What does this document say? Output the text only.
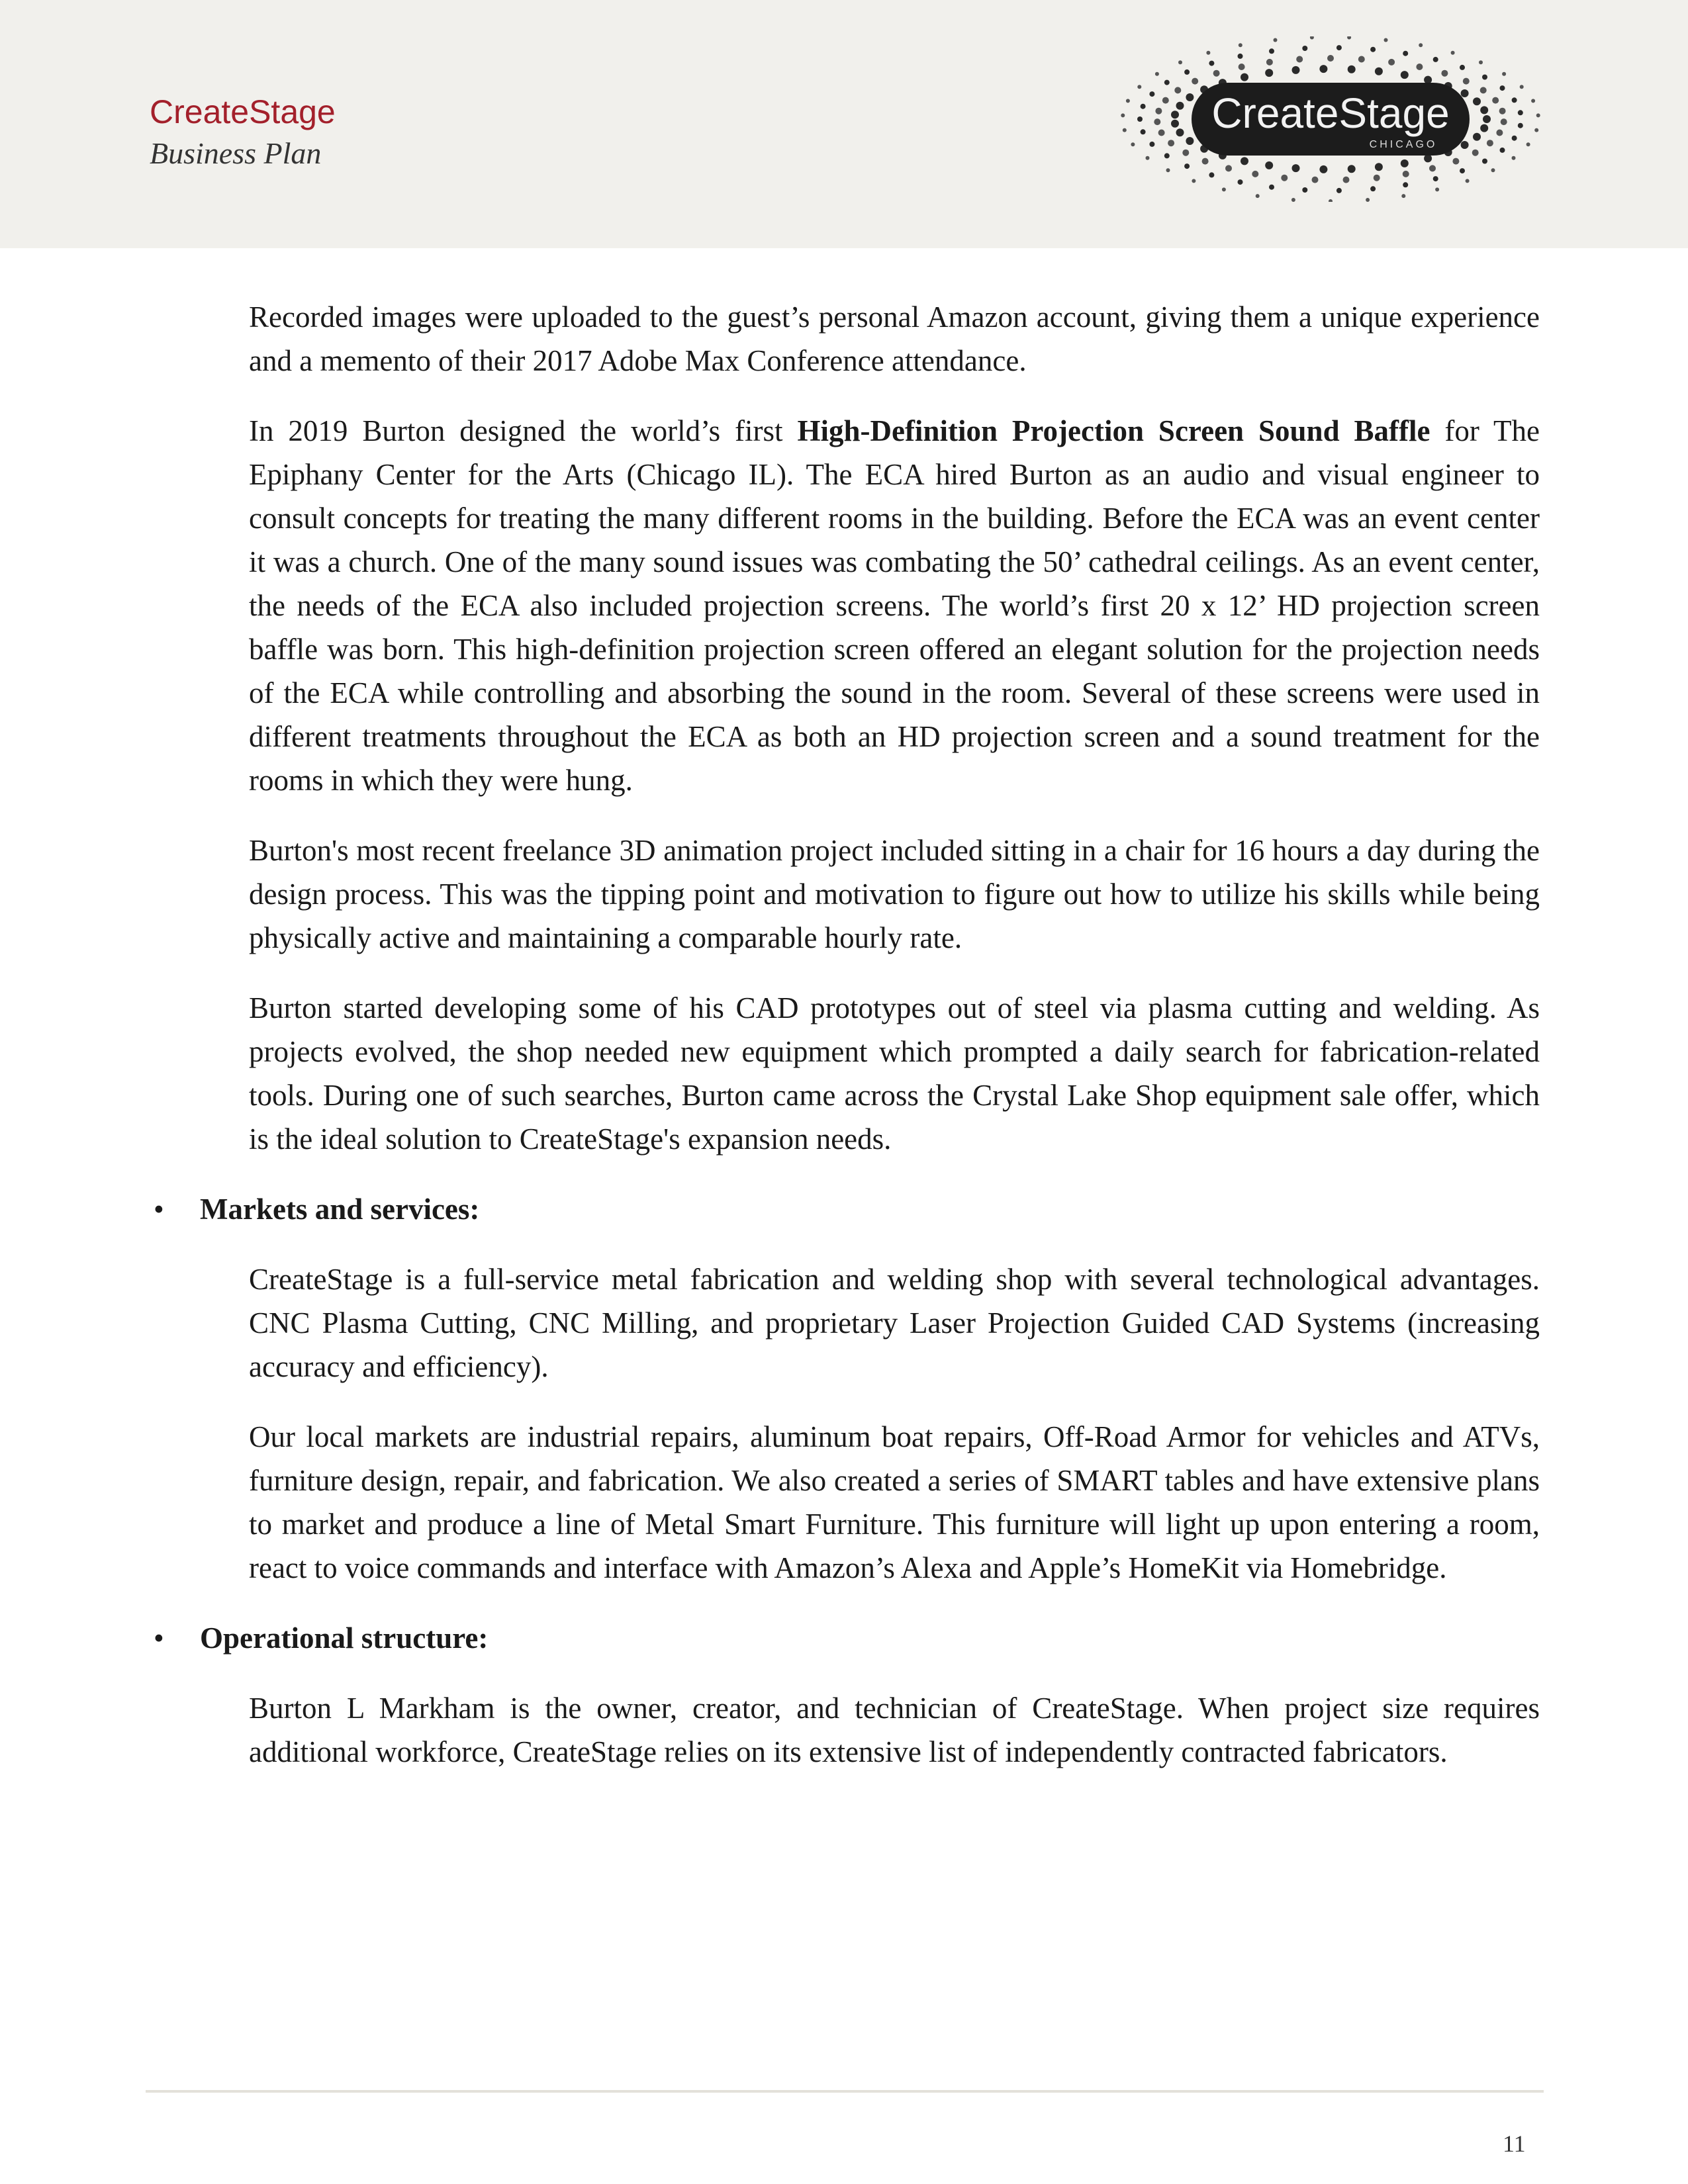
CreateStage
Business Plan
CreateStage
CHICAGO

Recorded images were uploaded to the guest’s personal Amazon account, giving them a unique experience and a memento of their 2017 Adobe Max Conference attendance.

In 2019 Burton designed the world’s first High-Definition Projection Screen Sound Baffle for The Epiphany Center for the Arts (Chicago IL). The ECA hired Burton as an audio and visual engineer to consult concepts for treating the many different rooms in the building. Before the ECA was an event center it was a church. One of the many sound issues was combating the 50’ cathedral ceilings. As an event center, the needs of the ECA also included projection screens. The world’s first 20 x 12’ HD projection screen baffle was born. This high-definition projection screen offered an elegant solution for the projection needs of the ECA while controlling and absorbing the sound in the room. Several of these screens were used in different treatments throughout the ECA as both an HD projection screen and a sound treatment for the rooms in which they were hung.

Burton's most recent freelance 3D animation project included sitting in a chair for 16 hours a day during the design process. This was the tipping point and motivation to figure out how to utilize his skills while being physically active and maintaining a comparable hourly rate.

Burton started developing some of his CAD prototypes out of steel via plasma cutting and welding. As projects evolved, the shop needed new equipment which prompted a daily search for fabrication-related tools. During one of such searches, Burton came across the Crystal Lake Shop equipment sale offer, which is the ideal solution to CreateStage's expansion needs.

• Markets and services:

CreateStage is a full-service metal fabrication and welding shop with several technological advantages. CNC Plasma Cutting, CNC Milling, and proprietary Laser Projection Guided CAD Systems (increasing accuracy and efficiency).

Our local markets are industrial repairs, aluminum boat repairs, Off-Road Armor for vehicles and ATVs, furniture design, repair, and fabrication. We also created a series of SMART tables and have extensive plans to market and produce a line of Metal Smart Furniture. This furniture will light up upon entering a room, react to voice commands and interface with Amazon’s Alexa and Apple’s HomeKit via Homebridge.

• Operational structure:

Burton L Markham is the owner, creator, and technician of CreateStage. When project size requires additional workforce, CreateStage relies on its extensive list of independently contracted fabricators.

11
